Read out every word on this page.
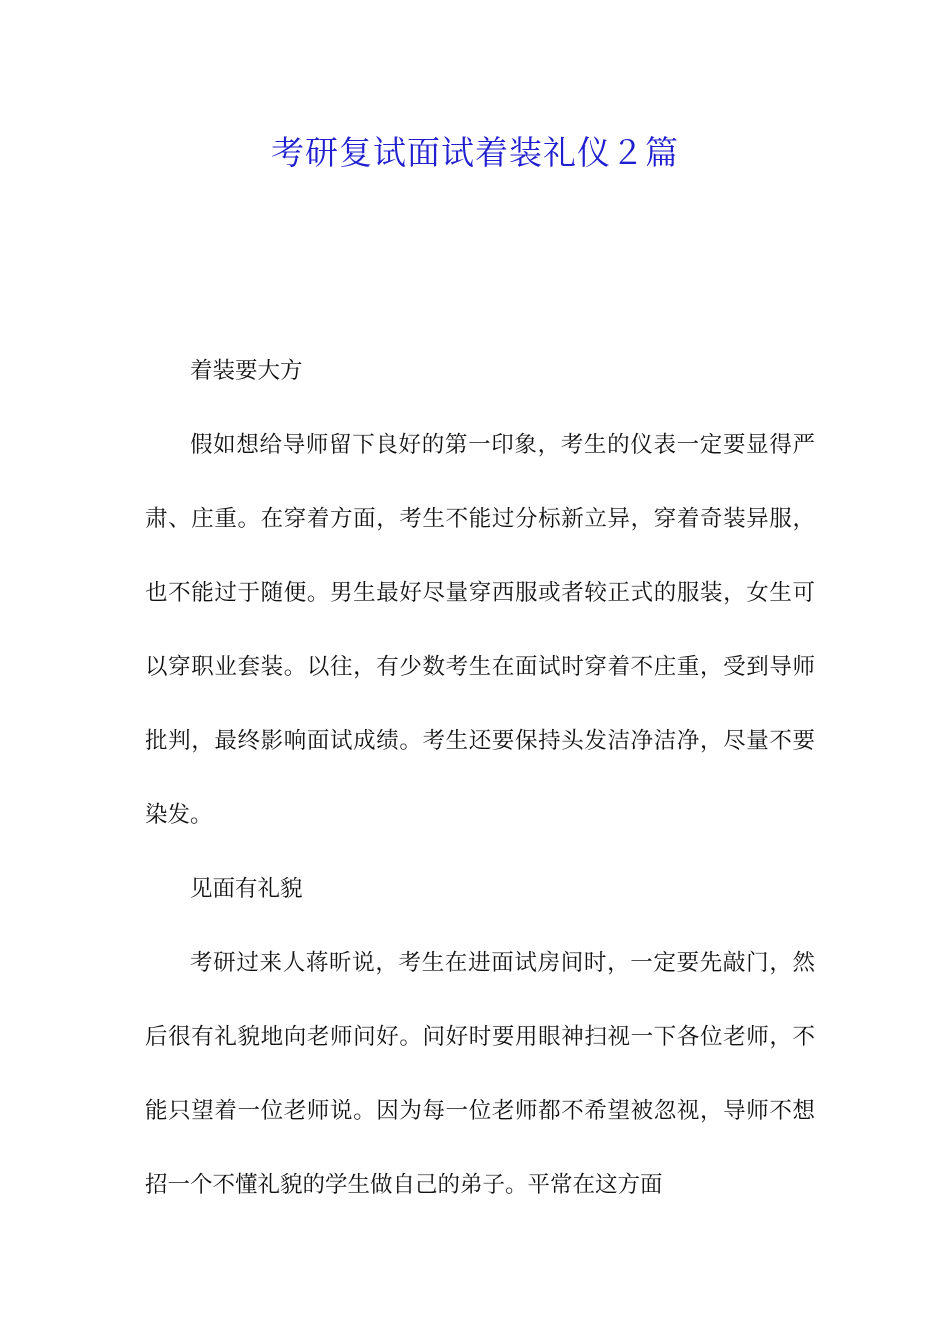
考研复试面试着装礼仪２篇

着装要大方

假如想给导师留下良好的第一印象，考生的仪表一定要显得严肃、庄重。在穿着方面，考生不能过分标新立异，穿着奇装异服，也不能过于随便。男生最好尽量穿西服或者较正式的服装，女生可以穿职业套装。以往，有少数考生在面试时穿着不庄重，受到导师批判，最终影响面试成绩。考生还要保持头发洁净洁净，尽量不要染发。

见面有礼貌

考研过来人蒋昕说，考生在进面试房间时，一定要先敲门，然后很有礼貌地向老师问好。问好时要用眼神扫视一下各位老师，不能只望着一位老师说。因为每一位老师都不希望被忽视，导师不想招一个不懂礼貌的学生做自己的弟子。平常在这方面
